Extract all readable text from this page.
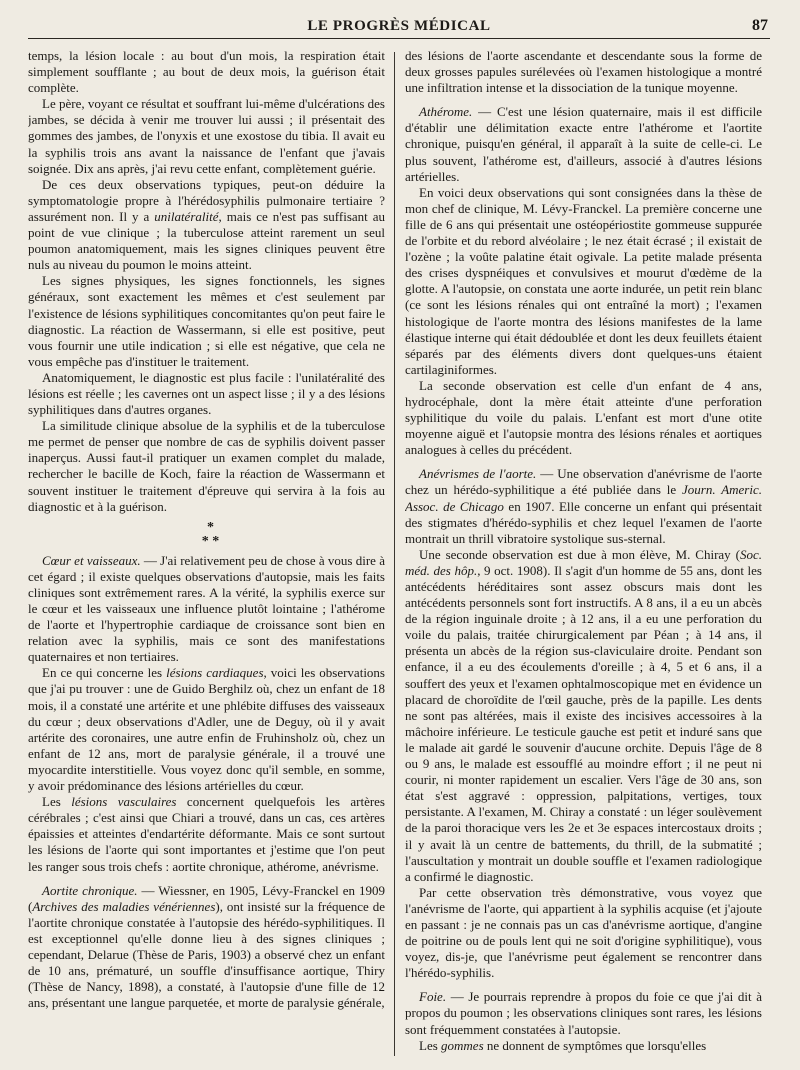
LE PROGRÈS MÉDICAL	87

temps, la lésion locale : au bout d'un mois, la respiration était simplement soufflante ; au bout de deux mois, la guérison était complète.

Le père, voyant ce résultat et souffrant lui-même d'ulcérations des jambes, se décida à venir me trouver lui aussi ; il présentait des gommes des jambes, de l'onyxis et une exostose du tibia. Il avait eu la syphilis trois ans avant la naissance de l'enfant que j'avais soignée. Dix ans après, j'ai revu cette enfant, complètement guérie.

De ces deux observations typiques, peut-on déduire la symptomatologie propre à l'hérédosyphilis pulmonaire tertiaire ? assurément non. Il y a unilatéralité, mais ce n'est pas suffisant au point de vue clinique ; la tuberculose atteint rarement un seul poumon anatomiquement, mais les signes cliniques peuvent être nuls au niveau du poumon le moins atteint.

Les signes physiques, les signes fonctionnels, les signes généraux, sont exactement les mêmes et c'est seulement par l'existence de lésions syphilitiques concomitantes qu'on peut faire le diagnostic. La réaction de Wassermann, si elle est positive, peut vous fournir une utile indication ; si elle est négative, que cela ne vous empêche pas d'instituer le traitement.

Anatomiquement, le diagnostic est plus facile : l'unilatéralité des lésions est réelle ; les cavernes ont un aspect lisse ; il y a des lésions syphilitiques dans d'autres organes.

La similitude clinique absolue de la syphilis et de la tuberculose me permet de penser que nombre de cas de syphilis doivent passer inaperçus. Aussi faut-il pratiquer un examen complet du malade, rechercher le bacille de Koch, faire la réaction de Wassermann et souvent instituer le traitement d'épreuve qui servira à la fois au diagnostic et à la guérison.

*
* *

Cœur et vaisseaux. — J'ai relativement peu de chose à vous dire à cet égard ; il existe quelques observations d'autopsie, mais les faits cliniques sont extrêmement rares. A la vérité, la syphilis exerce sur le cœur et les vaisseaux une influence plutôt lointaine ; l'athérome de l'aorte et l'hypertrophie cardiaque de croissance sont bien en relation avec la syphilis, mais ce sont des manifestations quaternaires et non tertiaires.

En ce qui concerne les lésions cardiaques, voici les observations que j'ai pu trouver : une de Guido Berghilz où, chez un enfant de 18 mois, il a constaté une artérite et une phlébite diffuses des vaisseaux du cœur ; deux observations d'Adler, une de Deguy, où il y avait artérite des coronaires, une autre enfin de Fruhinsholz où, chez un enfant de 12 ans, mort de paralysie générale, il a trouvé une myocardite interstitielle. Vous voyez donc qu'il semble, en somme, y avoir prédominance des lésions artérielles du cœur.

Les lésions vasculaires concernent quelquefois les artères cérébrales ; c'est ainsi que Chiari a trouvé, dans un cas, ces artères épaissies et atteintes d'endartérite déformante. Mais ce sont surtout les lésions de l'aorte qui sont importantes et j'estime que l'on peut les ranger sous trois chefs : aortite chronique, athérome, anévrisme.

Aortite chronique. — Wiessner, en 1905, Lévy-Franckel en 1909 (Archives des maladies vénériennes), ont insisté sur la fréquence de l'aortite chronique constatée à l'autopsie des hérédo-syphilitiques. Il est exceptionnel qu'elle donne lieu à des signes cliniques ; cependant, Delarue (Thèse de Paris, 1903) a observé chez un enfant de 10 ans, prématuré, un souffle d'insuffisance aortique, Thiry (Thèse de Nancy, 1898), a constaté, à l'autopsie d'une fille de 12 ans, présentant une langue parquetée, et morte de paralysie générale,

des lésions de l'aorte ascendante et descendante sous la forme de deux grosses papules surélevées où l'examen histologique a montré une infiltration intense et la dissociation de la tunique moyenne.

Athérome. — C'est une lésion quaternaire, mais il est difficile d'établir une délimitation exacte entre l'athérome et l'aortite chronique, puisqu'en général, il apparaît à la suite de celle-ci. Le plus souvent, l'athérome est, d'ailleurs, associé à d'autres lésions artérielles.

En voici deux observations qui sont consignées dans la thèse de mon chef de clinique, M. Lévy-Franckel. La première concerne une fille de 6 ans qui présentait une ostéopériostite gommeuse suppurée de l'orbite et du rebord alvéolaire ; le nez était écrasé ; il existait de l'ozène ; la voûte palatine était ogivale. La petite malade présenta des crises dyspnéiques et convulsives et mourut d'œdème de la glotte. A l'autopsie, on constata une aorte indurée, un petit rein blanc (ce sont les lésions rénales qui ont entraîné la mort) ; l'examen histologique de l'aorte montra des lésions manifestes de la lame élastique interne qui était dédoublée et dont les deux feuillets étaient séparés par des éléments divers dont quelques-uns étaient cartilaginiformes.

La seconde observation est celle d'un enfant de 4 ans, hydrocéphale, dont la mère était atteinte d'une perforation syphilitique du voile du palais. L'enfant est mort d'une otite moyenne aiguë et l'autopsie montra des lésions rénales et aortiques analogues à celles du précédent.

Anévrismes de l'aorte. — Une observation d'anévrisme de l'aorte chez un hérédo-syphilitique a été publiée dans le Journ. Americ. Assoc. de Chicago en 1907. Elle concerne un enfant qui présentait des stigmates d'hérédo-syphilis et chez lequel l'examen de l'aorte montrait un thrill vibratoire systolique sus-sternal.

Une seconde observation est due à mon élève, M. Chiray (Soc. méd. des hôp., 9 oct. 1908). Il s'agit d'un homme de 55 ans, dont les antécédents héréditaires sont assez obscurs mais dont les antécédents personnels sont fort instructifs. A 8 ans, il a eu un abcès de la région inguinale droite ; à 12 ans, il a eu une perforation du voile du palais, traitée chirurgicalement par Péan ; à 14 ans, il présenta un abcès de la région sus-claviculaire droite. Pendant son enfance, il a eu des écoulements d'oreille ; à 4, 5 et 6 ans, il a souffert des yeux et l'examen ophtalmoscopique met en évidence un placard de choroïdite de l'œil gauche, près de la papille. Les dents ne sont pas altérées, mais il existe des incisives accessoires à la mâchoire inférieure. Le testicule gauche est petit et induré sans que le malade ait gardé le souvenir d'aucune orchite. Depuis l'âge de 8 ou 9 ans, le malade est essoufflé au moindre effort ; il ne peut ni courir, ni monter rapidement un escalier. Vers l'âge de 30 ans, son état s'est aggravé : oppression, palpitations, vertiges, toux persistante. A l'examen, M. Chiray a constaté : un léger soulèvement de la paroi thoracique vers les 2e et 3e espaces intercostaux droits ; il y avait là un centre de battements, du thrill, de la submatité ; l'auscultation y montrait un double souffle et l'examen radiologique a confirmé le diagnostic.

Par cette observation très démonstrative, vous voyez que l'anévrisme de l'aorte, qui appartient à la syphilis acquise (et j'ajoute en passant : je ne connais pas un cas d'anévrisme aortique, d'angine de poitrine ou de pouls lent qui ne soit d'origine syphilitique), vous voyez, dis-je, que l'anévrisme peut également se rencontrer dans l'hérédo-syphilis.

Foie. — Je pourrais reprendre à propos du foie ce que j'ai dit à propos du poumon ; les observations cliniques sont rares, les lésions sont fréquemment constatées à l'autopsie.

Les gommes ne donnent de symptômes que lorsqu'elles
